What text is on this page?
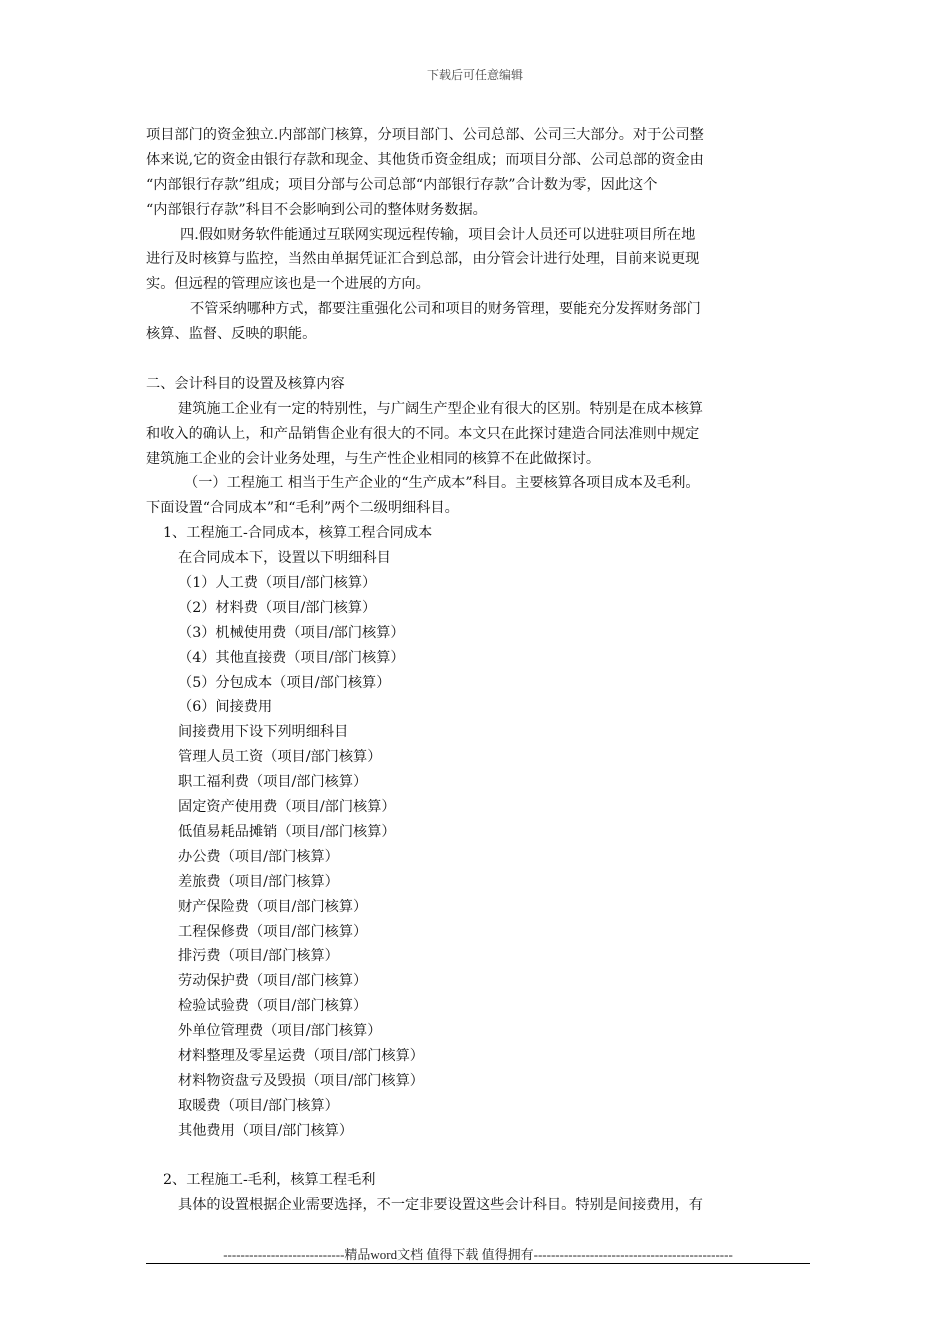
下载后可任意编辑
项目部门的资金独立.内部部门核算，分项目部门、公司总部、公司三大部分。对于公司整
体来说,它的资金由银行存款和现金、其他货币资金组成；而项目分部、公司总部的资金由
“内部银行存款”组成；项目分部与公司总部“内部银行存款”合计数为零，因此这个
“内部银行存款”科目不会影响到公司的整体财务数据。
四.假如财务软件能通过互联网实现远程传输，项目会计人员还可以进驻项目所在地
进行及时核算与监控，当然由单据凭证汇合到总部，由分管会计进行处理，目前来说更现
实。但远程的管理应该也是一个进展的方向。
不管采纳哪种方式，都要注重强化公司和项目的财务管理，要能充分发挥财务部门
核算、监督、反映的职能。
二、会计科目的设置及核算内容
建筑施工企业有一定的特别性，与广阔生产型企业有很大的区别。特别是在成本核算
和收入的确认上，和产品销售企业有很大的不同。本文只在此探讨建造合同法准则中规定
建筑施工企业的会计业务处理，与生产性企业相同的核算不在此做探讨。
（一）工程施工 相当于生产企业的“生产成本”科目。主要核算各项目成本及毛利。
下面设置“合同成本”和“毛利”两个二级明细科目。
1、工程施工-合同成本，核算工程合同成本
在合同成本下，设置以下明细科目
（1）人工费（项目/部门核算）
（2）材料费（项目/部门核算）
（3）机械使用费（项目/部门核算）
（4）其他直接费（项目/部门核算）
（5）分包成本（项目/部门核算）
（6）间接费用
间接费用下设下列明细科目
管理人员工资（项目/部门核算）
职工福利费（项目/部门核算）
固定资产使用费（项目/部门核算）
低值易耗品摊销（项目/部门核算）
办公费（项目/部门核算）
差旅费（项目/部门核算）
财产保险费（项目/部门核算）
工程保修费（项目/部门核算）
排污费（项目/部门核算）
劳动保护费（项目/部门核算）
检验试验费（项目/部门核算）
外单位管理费（项目/部门核算）
材料整理及零星运费（项目/部门核算）
材料物资盘亏及毁损（项目/部门核算）
取暖费（项目/部门核算）
其他费用（项目/部门核算）
2、工程施工-毛利，核算工程毛利
具体的设置根据企业需要选择，不一定非要设置这些会计科目。特别是间接费用，有
----------------------------精品word文档 值得下载 值得拥有----------------------------------------------
